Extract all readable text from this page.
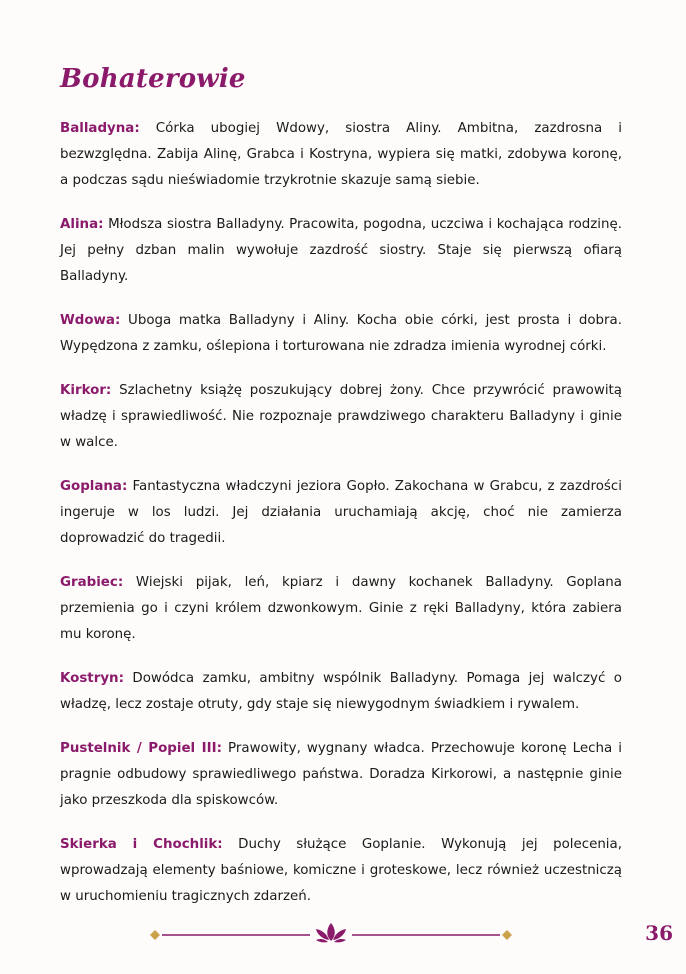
Bohaterowie

Balladyna: Córka ubogiej Wdowy, siostra Aliny. Ambitna, zazdrosna i bezwzględna. Zabija Alinę, Grabca i Kostryna, wypiera się matki, zdobywa koronę, a podczas sądu nieświadomie trzykrotnie skazuje samą siebie.

Alina: Młodsza siostra Balladyny. Pracowita, pogodna, uczciwa i kochająca rodzinę. Jej pełny dzban malin wywołuje zazdrość siostry. Staje się pierwszą ofiarą Balladyny.

Wdowa: Uboga matka Balladyny i Aliny. Kocha obie córki, jest prosta i dobra. Wypędzona z zamku, oślepiona i torturowana nie zdradza imienia wyrodnej córki.

Kirkor: Szlachetny książę poszukujący dobrej żony. Chce przywrócić prawowitą władzę i sprawiedliwość. Nie rozpoznaje prawdziwego charakteru Balladyny i ginie w walce.

Goplana: Fantastyczna władczyni jeziora Gopło. Zakochana w Grabcu, z zazdrości ingeruje w los ludzi. Jej działania uruchamiają akcję, choć nie zamierza doprowadzić do tragedii.

Grabiec: Wiejski pijak, leń, kpiarz i dawny kochanek Balladyny. Goplana przemienia go i czyni królem dzwonkowym. Ginie z ręki Balladyny, która zabiera mu koronę.

Kostryn: Dowódca zamku, ambitny wspólnik Balladyny. Pomaga jej walczyć o władzę, lecz zostaje otruty, gdy staje się niewygodnym świadkiem i rywalem.

Pustelnik / Popiel III: Prawowity, wygnany władca. Przechowuje koronę Lecha i pragnie odbudowy sprawiedliwego państwa. Doradza Kirkorowi, a następnie ginie jako przeszkoda dla spiskowców.

Skierka i Chochlik: Duchy służące Goplanie. Wykonują jej polecenia, wprowadzają elementy baśniowe, komiczne i groteskowe, lecz również uczestniczą w uruchomieniu tragicznych zdarzeń.

36
